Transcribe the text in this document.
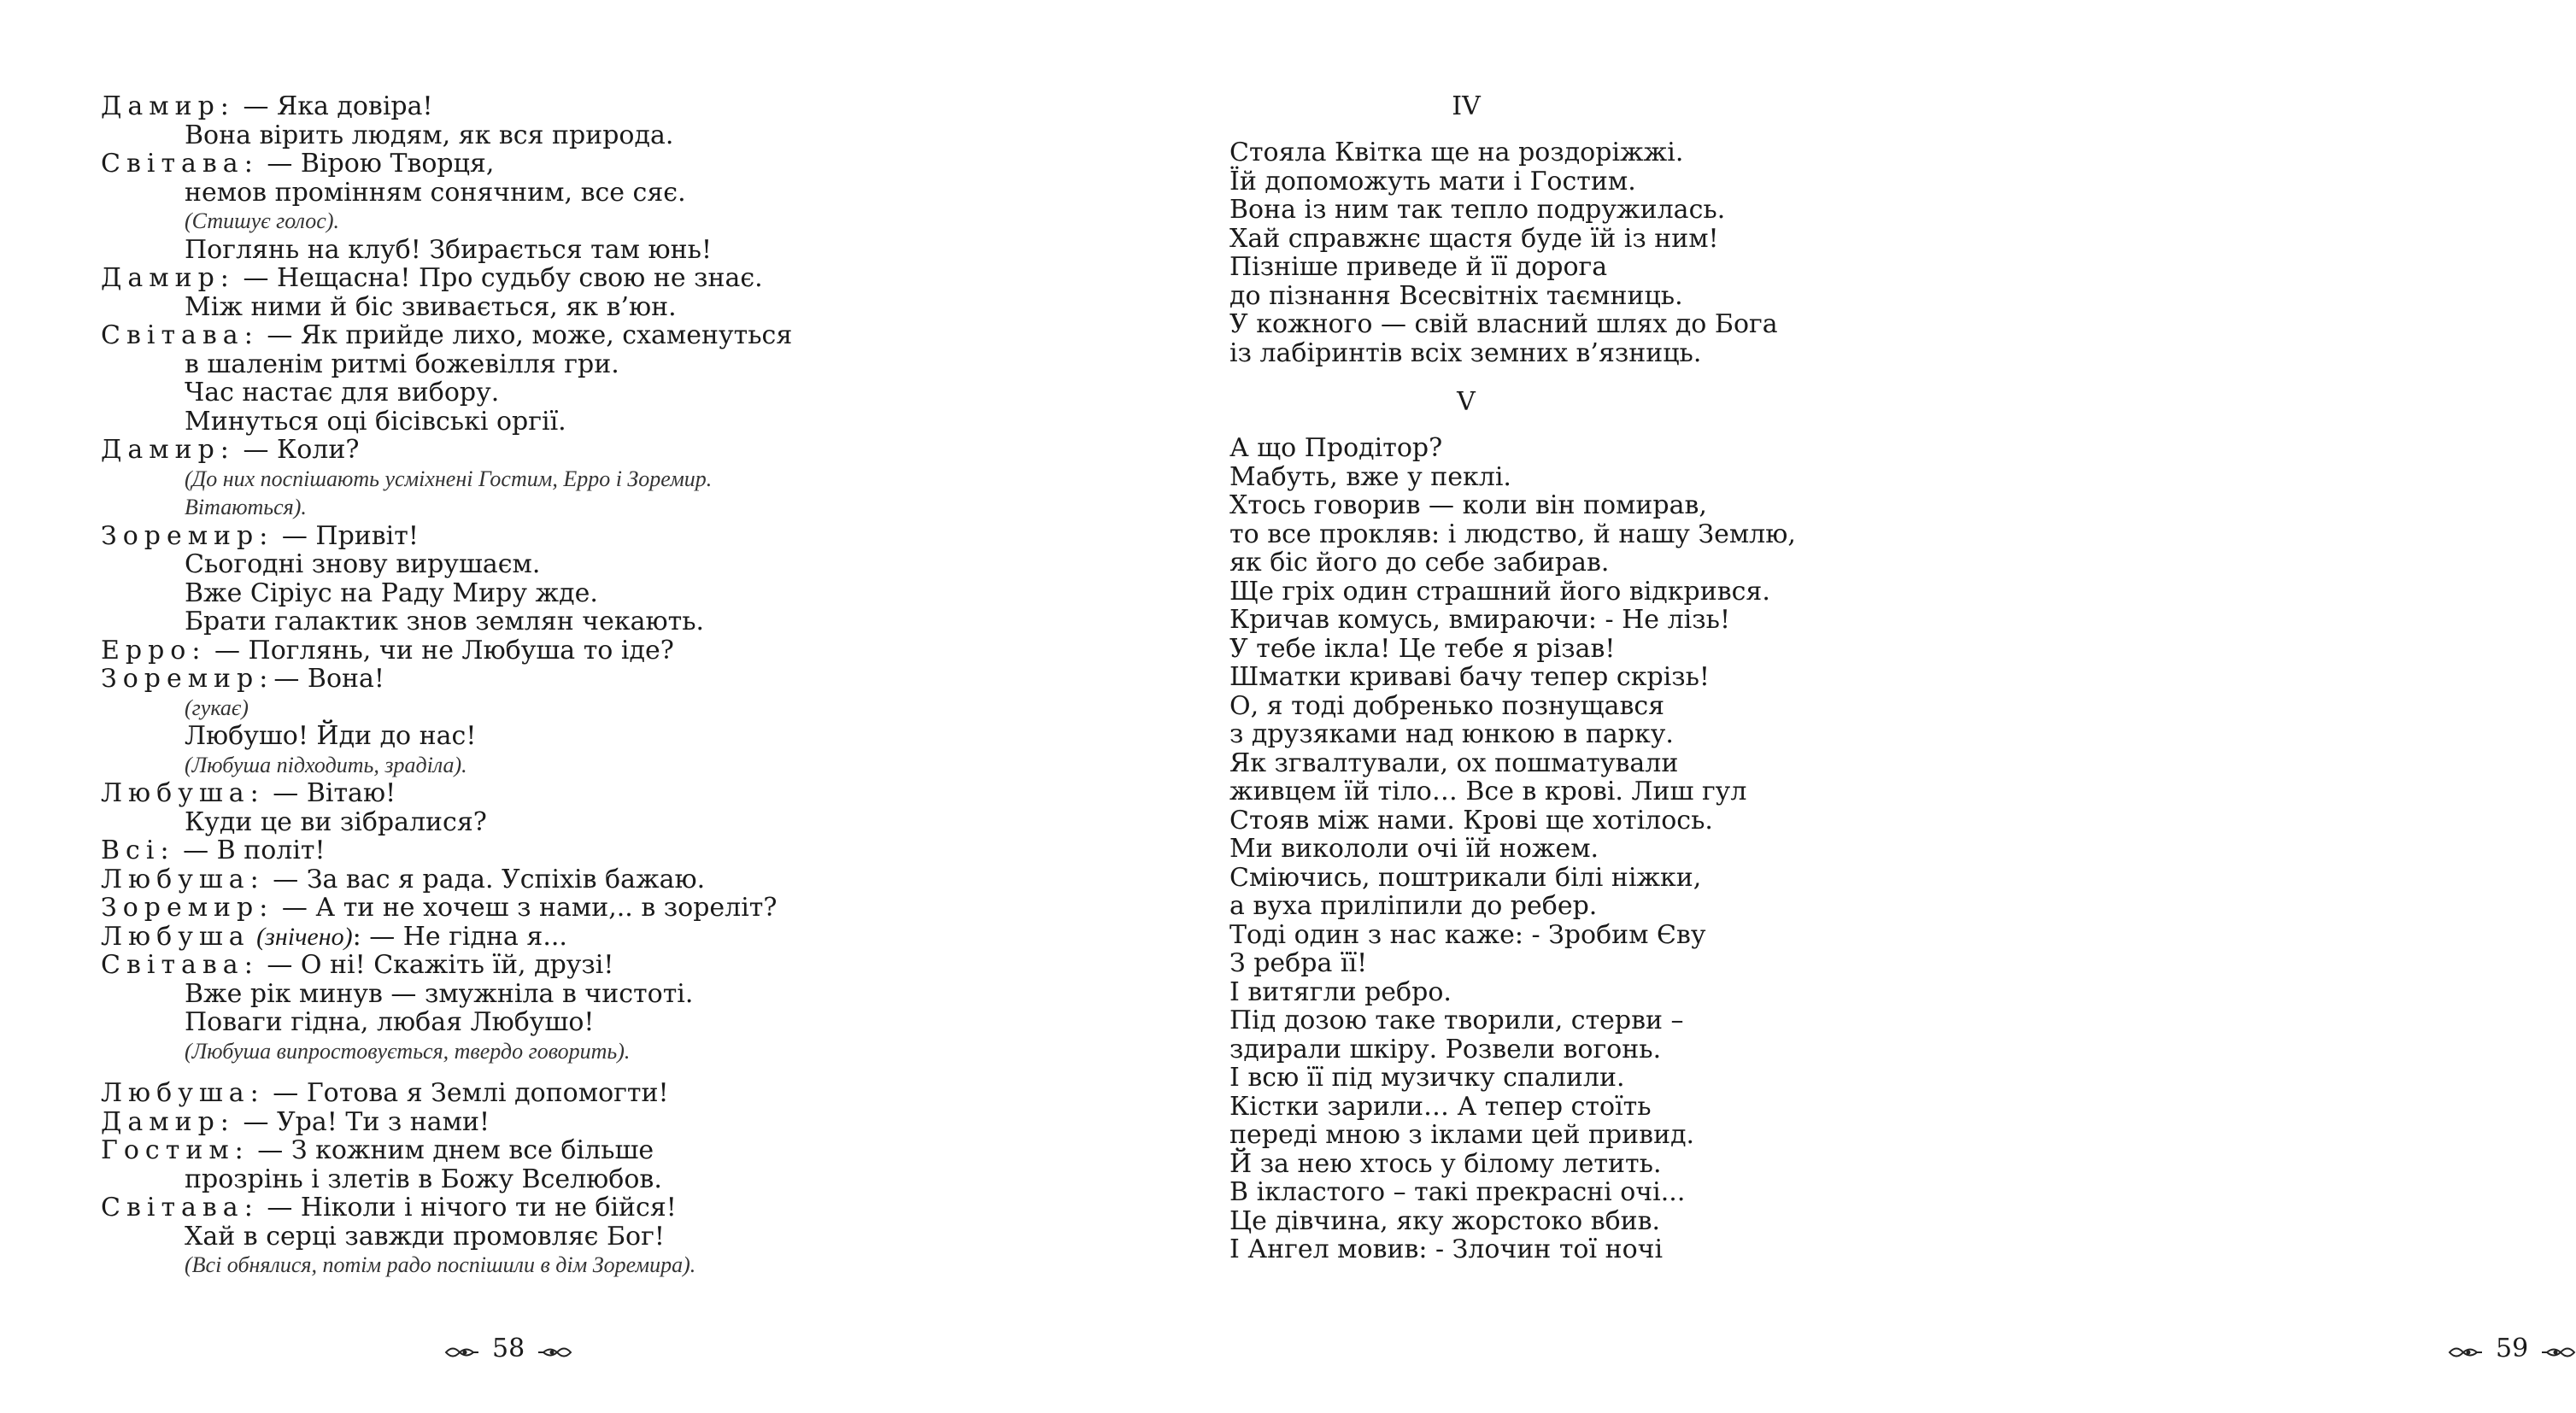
Дамир: — Яка довіра!
Вона вірить людям, як вся природа.
Світава: — Вірою Творця,
немов промінням сонячним, все сяє.
(Стишує голос).
Поглянь на клуб! Збирається там юнь!
Дамир: — Нещасна! Про судьбу свою не знає.
Між ними й біс звивається, як в’юн.
Світава: — Як прийде лихо, може, схаменуться
в шаленім ритмі божевілля гри.
Час настає для вибору.
Минуться оці бісівські оргії.
Дамир: — Коли?
(До них поспішають усміхнені Гостим, Ерро і Зоремир.
Вітаються).
Зоремир: — Привіт!
Сьогодні знову вирушаєм.
Вже Сіріус на Раду Миру жде.
Брати галактик знов землян чекають.
Ерро: — Поглянь, чи не Любуша то іде?
Зоремир:— Вона!
(гукає)
Любушо! Йди до нас!
(Любуша підходить, зраділа).
Любуша: — Вітаю!
Куди це ви зібралися?
Всі: — В політ!
Любуша: — За вас я рада. Успіхів бажаю.
Зоремир: — А ти не хочеш з нами,.. в зореліт?
Любуша (знічено): — Не гідна я...
Світава: — О ні! Скажіть їй, друзі!
Вже рік минув — змужніла в чистоті.
Поваги гідна, любая Любушо!
(Любуша випростовується, твердо говорить).
Любуша: — Готова я Землі допомогти!
Дамир: — Ура! Ти з нами!
Гостим: — З кожним днем все більше
прозрінь і злетів в Божу Вселюбов.
Світава: — Ніколи і нічого ти не бійся!
Хай в серці завжди промовляє Бог!
(Всі обнялися, потім радо поспішили в дім Зоремира).
58
IV
Стояла Квітка ще на роздоріжжі.
Їй допоможуть мати і Гостим.
Вона із ним так тепло подружилась.
Хай справжнє щастя буде їй із ним!
Пізніше приведе й її дорога
до пізнання Всесвітніх таємниць.
У кожного — свій власний шлях до Бога
із лабіринтів всіх земних в’язниць.
V
А що Продітор?
Мабуть, вже у пеклі.
Хтось говорив — коли він помирав,
то все прокляв: і людство, й нашу Землю,
як біс його до себе забирав.
Ще гріх один страшний його відкрився.
Кричав комусь, вмираючи: - Не лізь!
У тебе ікла! Це тебе я різав!
Шматки криваві бачу тепер скрізь!
О, я тоді добренько познущався
з друзяками над юнкою в парку.
Як згвалтували, ох пошматували
живцем їй тіло… Все в крові. Лиш гул
Стояв між нами. Крові ще хотілось.
Ми викололи очі їй ножем.
Сміючись, поштрикали білі ніжки,
а вуха приліпили до ребер.
Тоді один з нас каже: - Зробим Єву
З ребра її!
І витягли ребро.
Під дозою таке творили, стерви –
здирали шкіру. Розвели вогонь.
І всю її під музичку спалили.
Кістки зарили… А тепер стоїть
переді мною з іклами цей привид.
Й за нею хтось у білому летить.
В ікластого – такі прекрасні очі...
Це дівчина, яку жорстоко вбив.
І Ангел мовив: - Злочин тої ночі
59
